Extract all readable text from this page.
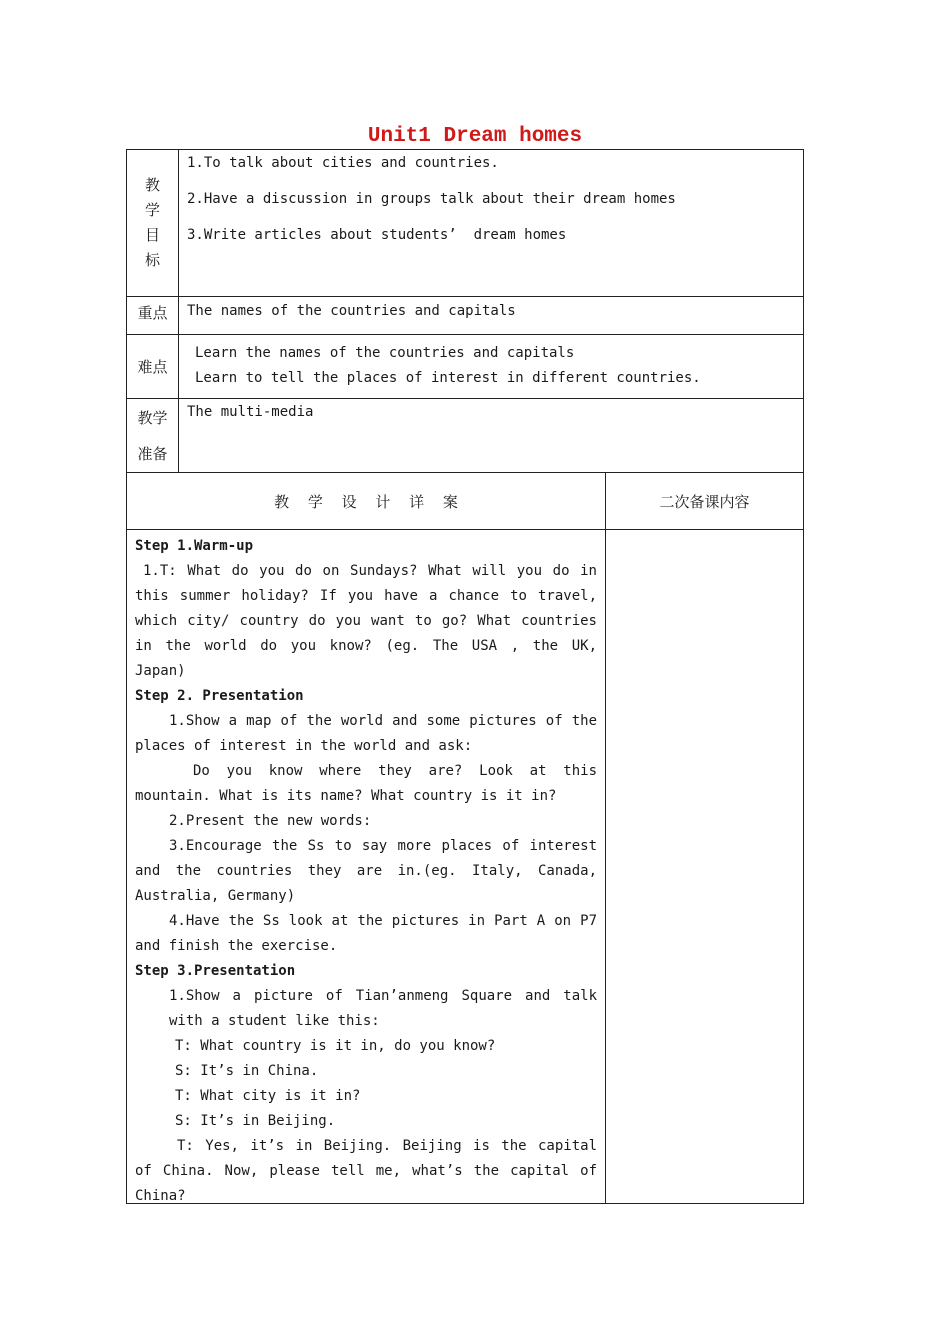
Unit1 Dream homes
教
学
目
标

1.To talk about cities and countries.

2.Have a discussion in groups talk about their dream homes

3.Write articles about students’  dream homes

重点	The names of the countries and capitals

难点

Learn the names of the countries and capitals

Learn to tell the places of interest in different countries.

教学
准备

The multi-media

教 学 设 计 详 案	二次备课内容

Step 1.Warm-up

1.T: What do you do on Sundays? What will you do in this summer holiday? If you have a chance to travel, which city/ country do you want to go? What countries in the world do you know? (eg. The USA , the UK, Japan)

Step 2. Presentation

1.Show a map of the world and some pictures of the places of interest in the world and ask:

Do you know where they are? Look at this mountain. What is its name? What country is it in?

2.Present the new words:

3.Encourage the Ss to say more places of interest and the countries they are in.(eg. Italy, Canada, Australia, Germany)

4.Have the Ss look at the pictures in Part A on P7 and finish the exercise.

Step 3.Presentation

1.Show a picture of Tian’anmeng Square and talk with a student like this:

T: What country is it in, do you know?

S: It’s in China.

T: What city is it in?

S: It’s in Beijing.

T: Yes, it’s in Beijing. Beijing is the capital of China. Now, please tell me, what’s the capital of China?
